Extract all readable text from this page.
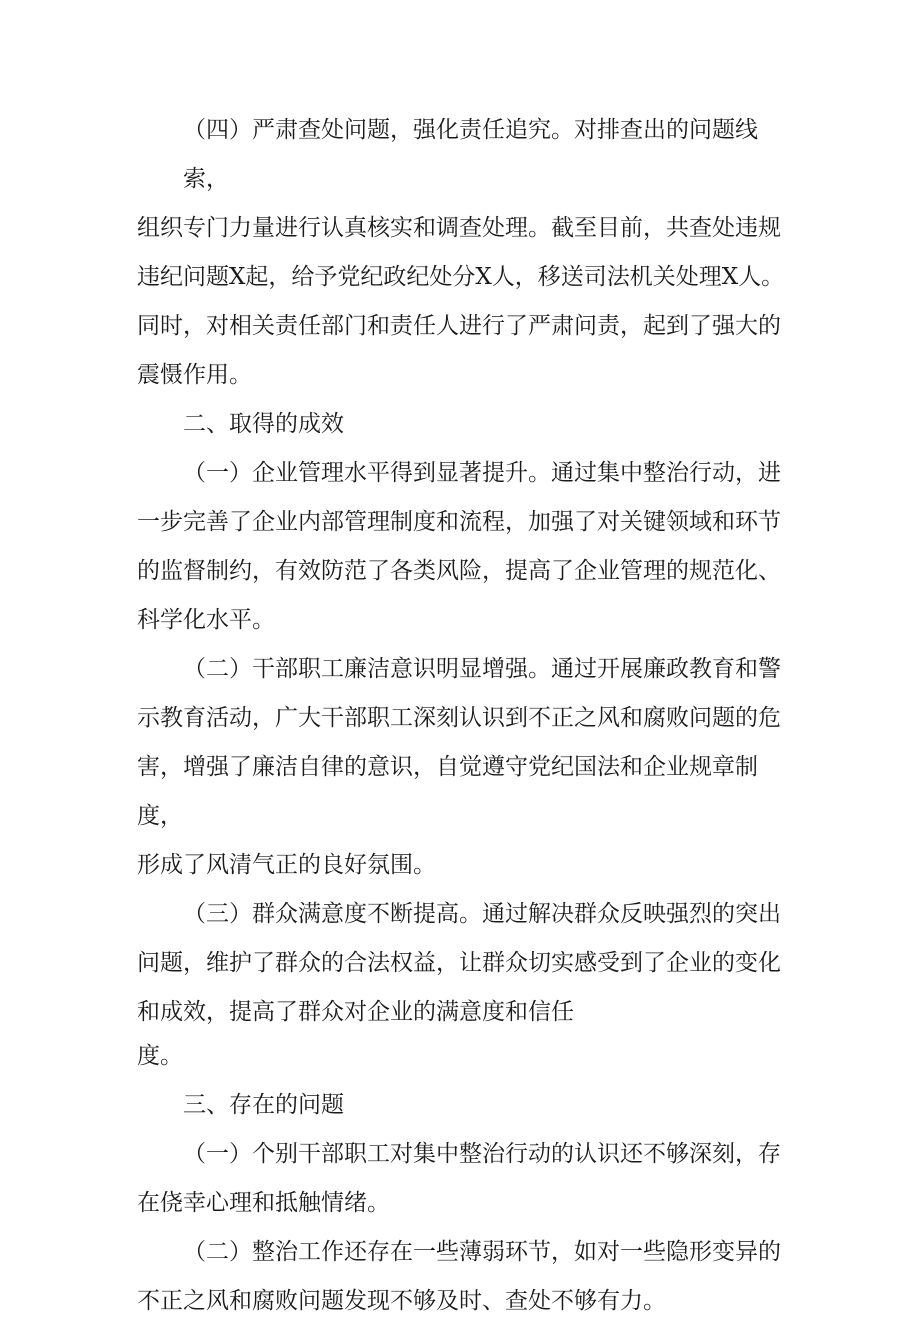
（四）严肃查处问题，强化责任追究。对排查出的问题线索，

组织专门力量进行认真核实和调查处理。截至目前，共查处违规

违纪问题X起，给予党纪政纪处分X人，移送司法机关处理X人。

同时，对相关责任部门和责任人进行了严肃问责，起到了强大的

震慑作用。

二、取得的成效

（一）企业管理水平得到显著提升。通过集中整治行动，进

一步完善了企业内部管理制度和流程，加强了对关键领域和环节

的监督制约，有效防范了各类风险，提高了企业管理的规范化、

科学化水平。

（二）干部职工廉洁意识明显增强。通过开展廉政教育和警

示教育活动，广大干部职工深刻认识到不正之风和腐败问题的危

害，增强了廉洁自律的意识，自觉遵守党纪国法和企业规章制度，

形成了风清气正的良好氛围。

（三）群众满意度不断提高。通过解决群众反映强烈的突出

问题，维护了群众的合法权益，让群众切实感受到了企业的变化

和成效，提高了群众对企业的满意度和信任

度。

三、存在的问题

（一）个别干部职工对集中整治行动的认识还不够深刻，存

在侥幸心理和抵触情绪。

（二）整治工作还存在一些薄弱环节，如对一些隐形变异的

不正之风和腐败问题发现不够及时、查处不够有力。
